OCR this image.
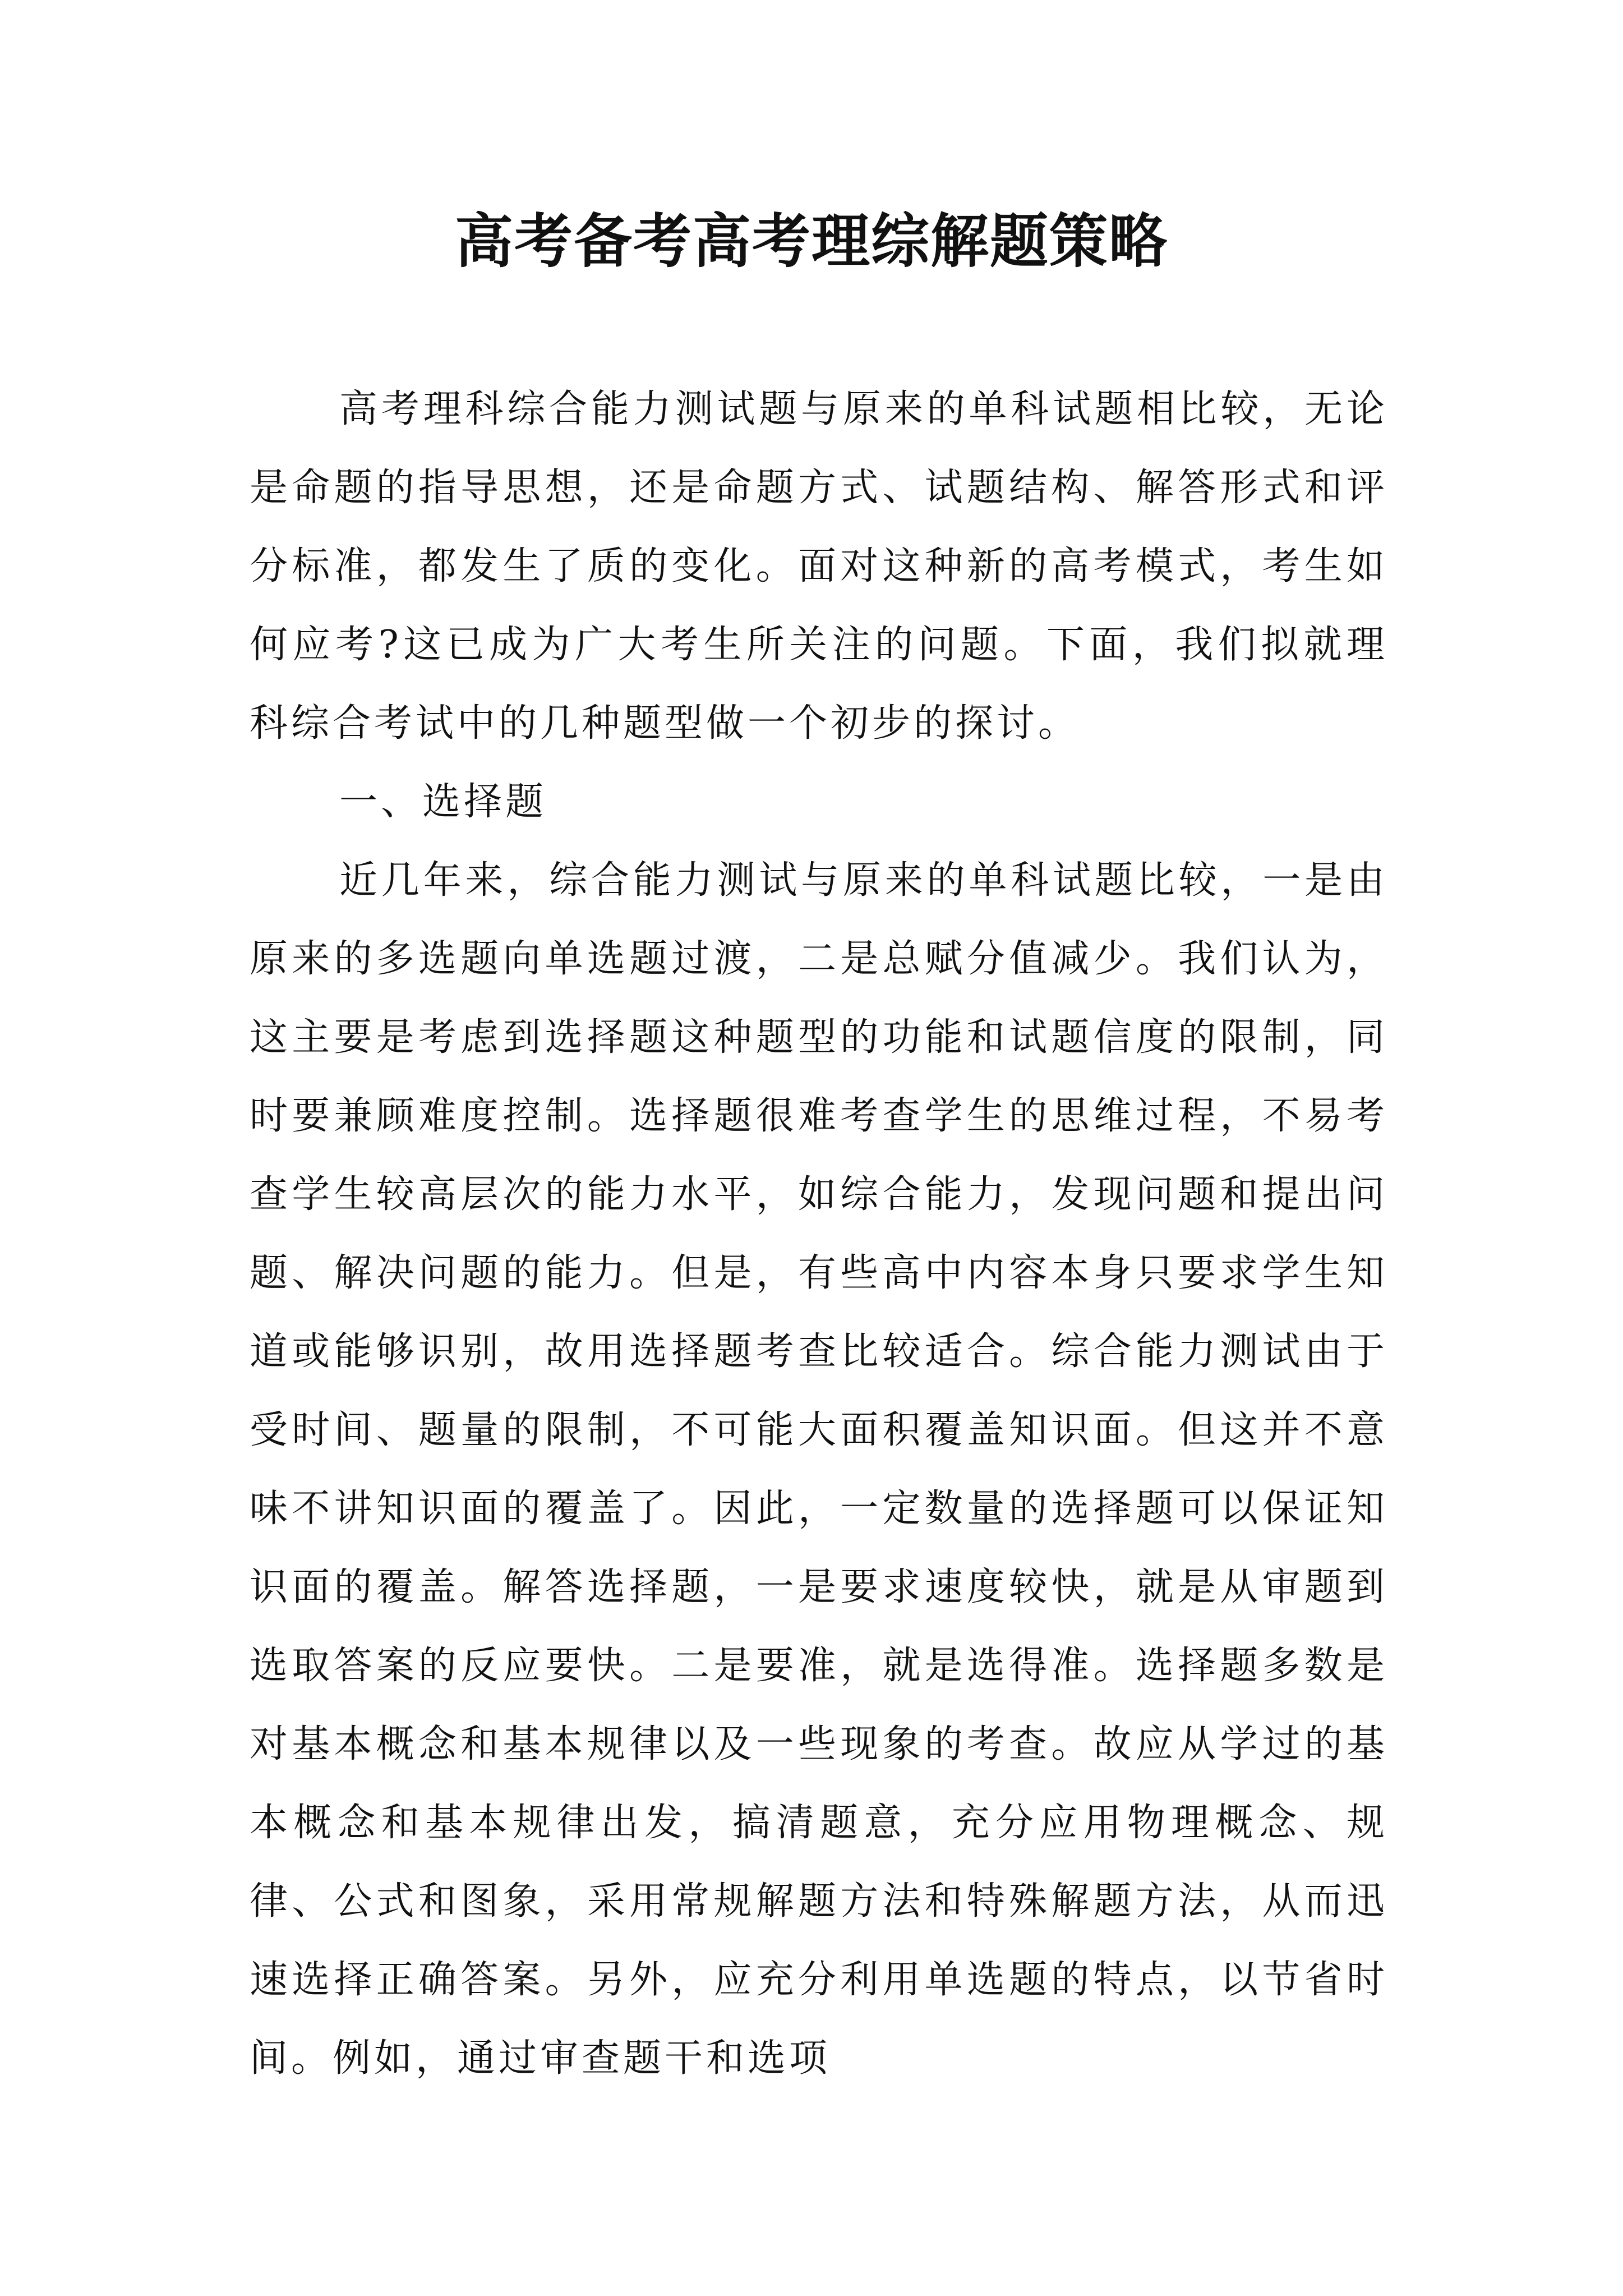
高考备考高考理综解题策略

高考理科综合能力测试题与原来的单科试题相比较，无论是命题的指导思想，还是命题方式、试题结构、解答形式和评分标准，都发生了质的变化。面对这种新的高考模式，考生如何应考?这已成为广大考生所关注的问题。下面，我们拟就理科综合考试中的几种题型做一个初步的探讨。

一、选择题

近几年来，综合能力测试与原来的单科试题比较，一是由原来的多选题向单选题过渡，二是总赋分值减少。我们认为，这主要是考虑到选择题这种题型的功能和试题信度的限制，同时要兼顾难度控制。选择题很难考查学生的思维过程，不易考查学生较高层次的能力水平，如综合能力，发现问题和提出问题、解决问题的能力。但是，有些高中内容本身只要求学生知道或能够识别，故用选择题考查比较适合。综合能力测试由于受时间、题量的限制，不可能大面积覆盖知识面。但这并不意味不讲知识面的覆盖了。因此，一定数量的选择题可以保证知识面的覆盖。解答选择题，一是要求速度较快，就是从审题到选取答案的反应要快。二是要准，就是选得准。选择题多数是对基本概念和基本规律以及一些现象的考查。故应从学过的基本概念和基本规律出发，搞清题意，充分应用物理概念、规律、公式和图象，采用常规解题方法和特殊解题方法，从而迅速选择正确答案。另外，应充分利用单选题的特点，以节省时间。例如，通过审查题干和选项
